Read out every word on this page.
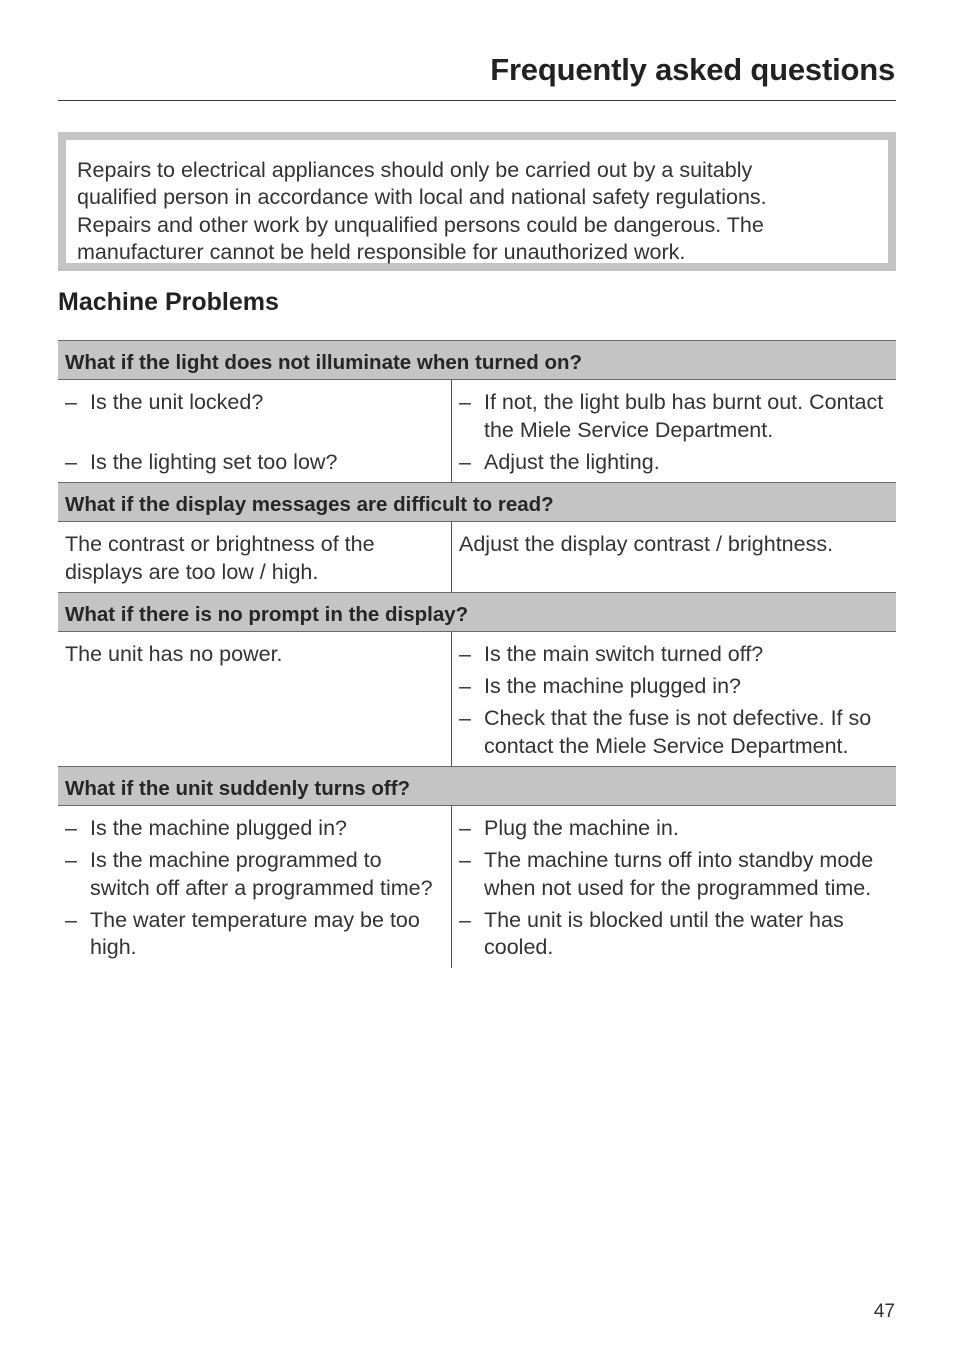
Frequently asked questions
Repairs to electrical appliances should only be carried out by a suitably
qualified person in accordance with local and national safety regulations.
Repairs and other work by unqualified persons could be dangerous. The
manufacturer cannot be held responsible for unauthorized work.
Machine Problems
What if the light does not illuminate when turned on?
– Is the unit locked?
– Is the lighting set too low?
– If not, the light bulb has burnt out. Contact the Miele Service Department.
– Adjust the lighting.
What if the display messages are difficult to read?
The contrast or brightness of the displays are too low / high.
Adjust the display contrast / brightness.
What if there is no prompt in the display?
The unit has no power.
–	Is the main switch turned off?
– Is the machine plugged in?
– Check that the fuse is not defective. If so contact the Miele Service Department.
What if the unit suddenly turns off?
– Is the machine plugged in?
– Is the machine programmed to switch off after a programmed time?
– The water temperature may be too high.
– Plug the machine in.
– The machine turns off into standby mode when not used for the programmed time.
– The unit is blocked until the water has cooled.
47
